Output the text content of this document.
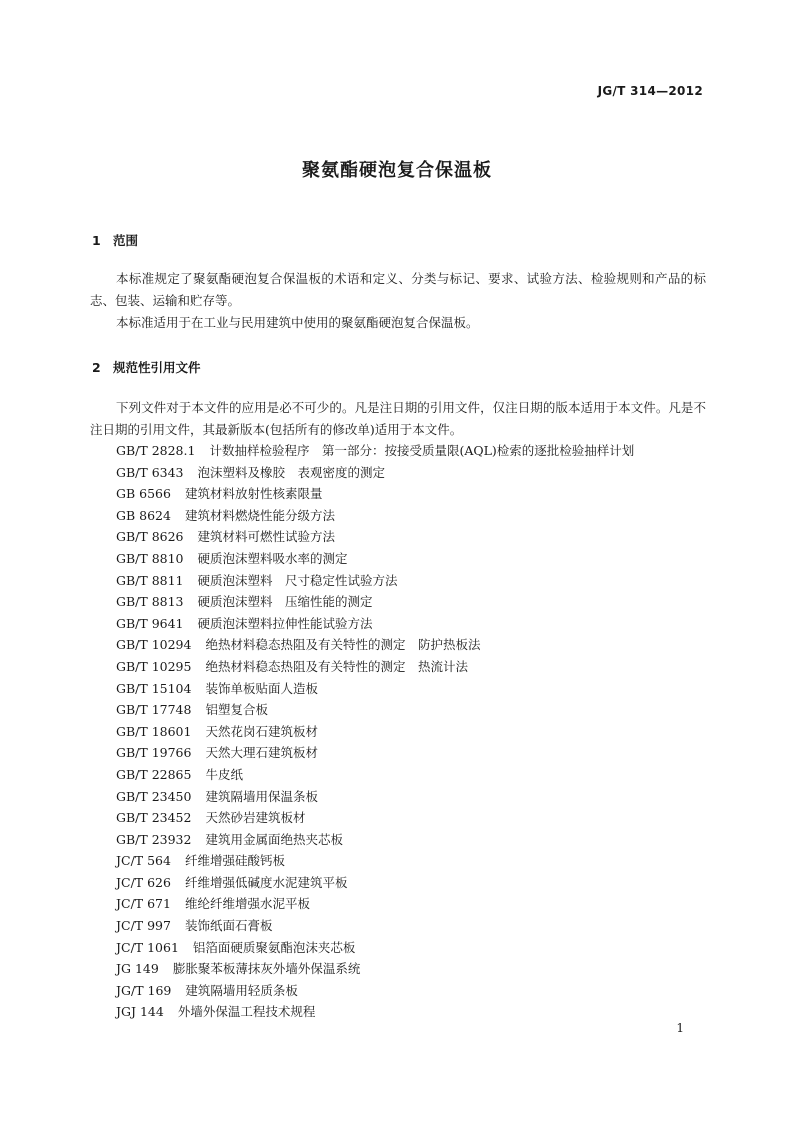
JG/T 314—2012
聚氨酯硬泡复合保温板
1 范围

本标准规定了聚氨酯硬泡复合保温板的术语和定义、分类与标记、要求、试验方法、检验规则和产品的标志、包装、运输和贮存等。

本标准适用于在工业与民用建筑中使用的聚氨酯硬泡复合保温板。

2 规范性引用文件

下列文件对于本文件的应用是必不可少的。凡是注日期的引用文件，仅注日期的版本适用于本文件。凡是不注日期的引用文件，其最新版本(包括所有的修改单)适用于本文件。

GB/T 2828.1 计数抽样检验程序　第一部分：按接受质量限(AQL)检索的逐批检验抽样计划
GB/T 6343 泡沫塑料及橡胶　表观密度的测定
GB 6566 建筑材料放射性核素限量
GB 8624 建筑材料燃烧性能分级方法
GB/T 8626 建筑材料可燃性试验方法
GB/T 8810 硬质泡沫塑料吸水率的测定
GB/T 8811 硬质泡沫塑料　尺寸稳定性试验方法
GB/T 8813 硬质泡沫塑料　压缩性能的测定
GB/T 9641 硬质泡沫塑料拉伸性能试验方法
GB/T 10294 绝热材料稳态热阻及有关特性的测定　防护热板法
GB/T 10295 绝热材料稳态热阻及有关特性的测定　热流计法
GB/T 15104 装饰单板贴面人造板
GB/T 17748 铝塑复合板
GB/T 18601 天然花岗石建筑板材
GB/T 19766 天然大理石建筑板材
GB/T 22865 牛皮纸
GB/T 23450 建筑隔墙用保温条板
GB/T 23452 天然砂岩建筑板材
GB/T 23932 建筑用金属面绝热夹芯板
JC/T 564 纤维增强硅酸钙板
JC/T 626 纤维增强低碱度水泥建筑平板
JC/T 671 维纶纤维增强水泥平板
JC/T 997 装饰纸面石膏板
JC/T 1061 铝箔面硬质聚氨酯泡沫夹芯板
JG 149 膨胀聚苯板薄抹灰外墙外保温系统
JG/T 169 建筑隔墙用轻质条板
JGJ 144 外墙外保温工程技术规程
1
